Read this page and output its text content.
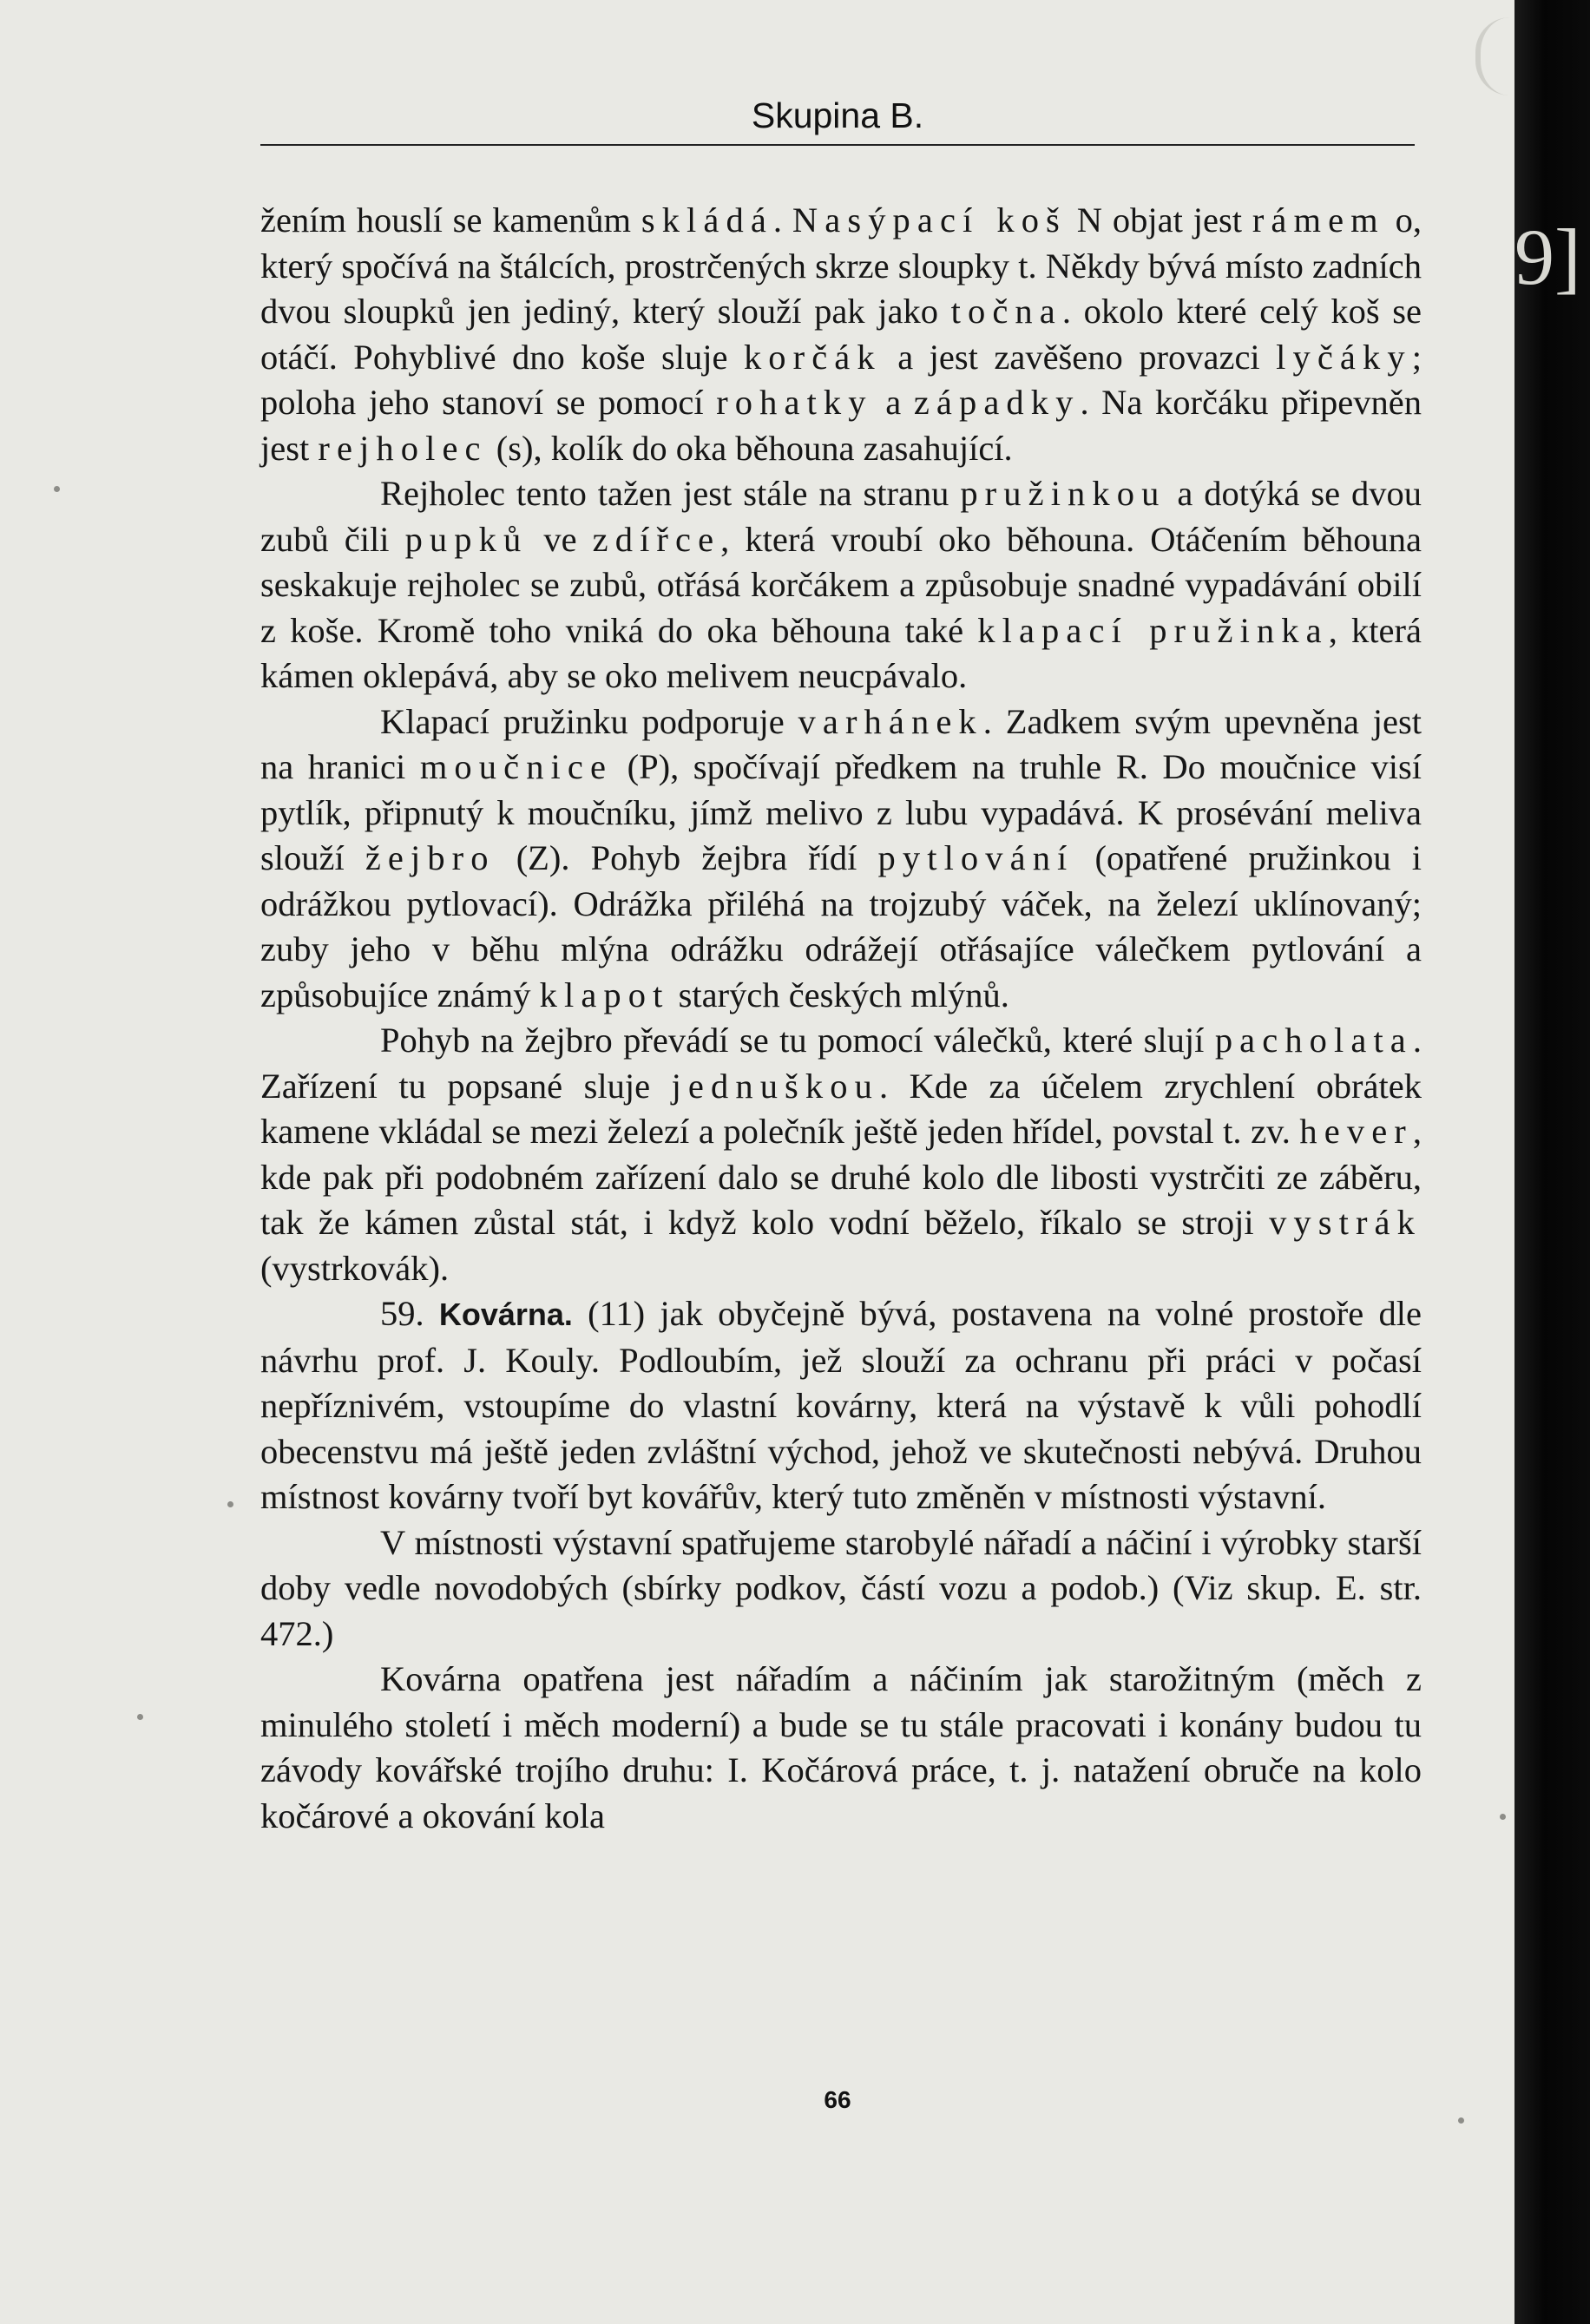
Skupina B.

žením houslí se kamenům skládá. Nasýpací koš N objat jest rámem o, který spočívá na štálcích, prostrčených skrze sloupky t. Někdy bývá místo zadních dvou sloupků jen jediný, který slouží pak jako točna. okolo které celý koš se otáčí. Pohyblivé dno koše sluje korčák a jest zavěšeno provazci lyčáky; poloha jeho stanoví se pomocí rohatky a západky. Na korčáku připevněn jest rejholec (s), kolík do oka běhouna zasahující.

Rejholec tento tažen jest stále na stranu pružinkou a dotýká se dvou zubů čili pupků ve zdířce, která vroubí oko běhouna. Otáčením běhouna seskakuje rejholec se zubů, otřásá korčákem a způsobuje snadné vypadávání obilí z koše. Kromě toho vniká do oka běhouna také klapací pružinka, která kámen oklepává, aby se oko melivem neucpávalo.

Klapací pružinku podporuje varhánek. Zadkem svým upevněna jest na hranici moučnice (P), spočívají předkem na truhle R. Do moučnice visí pytlík, připnutý k moučníku, jímž melivo z lubu vypadává. K prosévání meliva slouží žejbro (Z). Pohyb žejbra řídí pytlování (opatřené pružinkou i odrážkou pytlovací). Odrážka přiléhá na trojzubý váček, na železí uklínovaný; zuby jeho v běhu mlýna odrážku odrážejí otřásajíce válečkem pytlování a způsobujíce známý klapot starých českých mlýnů.

Pohyb na žejbro převádí se tu pomocí válečků, které slují pacholata. Zařízení tu popsané sluje jednuškou. Kde za účelem zrychlení obrátek kamene vkládal se mezi železí a polečník ještě jeden hřídel, povstal t. zv. hever, kde pak při podobném zařízení dalo se druhé kolo dle libosti vystrčiti ze záběru, tak že kámen zůstal stát, i když kolo vodní běželo, říkalo se stroji vystrák (vystrkovák).

59. Kovárna. (11) jak obyčejně bývá, postavena na volné prostoře dle návrhu prof. J. Kouly. Podloubím, jež slouží za ochranu při práci v počasí nepříznivém, vstoupíme do vlastní kovárny, která na výstavě k vůli pohodlí obecenstvu má ještě jeden zvláštní východ, jehož ve skutečnosti nebývá. Druhou místnost kovárny tvoří byt kovářův, který tuto změněn v místnosti výstavní.

V místnosti výstavní spatřujeme starobylé nářadí a náčiní i výrobky starší doby vedle novodobých (sbírky podkov, částí vozu a podob.) (Viz skup. E. str. 472.)

Kovárna opatřena jest nářadím a náčiním jak starožitným (měch z minulého století i měch moderní) a bude se tu stále pracovati i konány budou tu závody kovářské trojího druhu: I. Kočárová práce, t. j. natažení obruče na kolo kočárové a okování kola

66
9]
